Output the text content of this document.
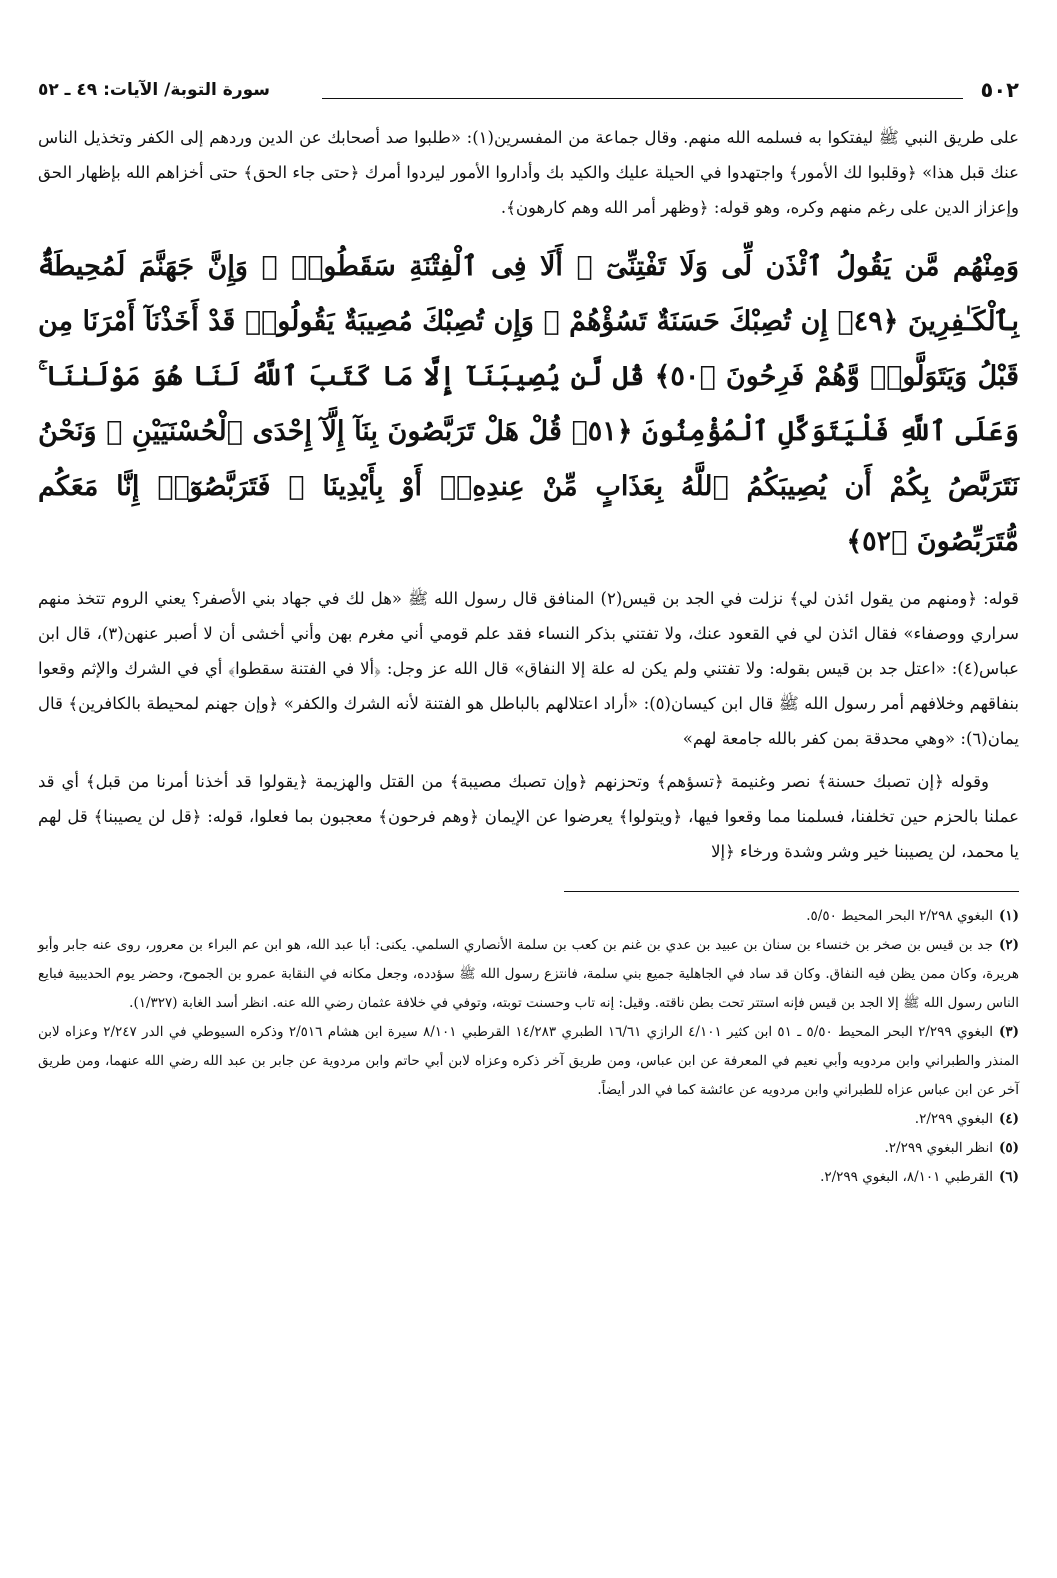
٥٠٢
سورة التوبة/ الآيات: ٤٩ ـ ٥٢

على طريق النبي ﷺ ليفتكوا به فسلمه الله منهم. وقال جماعة من المفسرين(١): «طلبوا صد أصحابك عن الدين وردهم إلى الكفر وتخذيل الناس عنك قبل هذا» ﴿وقلبوا لك الأمور﴾ واجتهدوا في الحيلة عليك والكيد بك وأداروا الأمور ليردوا أمرك ﴿حتى جاء الحق﴾ حتى أخزاهم الله بإظهار الحق وإعزاز الدين على رغم منهم وكره، وهو قوله: ﴿وظهر أمر الله وهم كارهون﴾.

وَمِنْهُم مَّن يَقُولُ ٱئْذَن لِّى وَلَا تَفْتِنِّىٓ ۚ أَلَا فِى ٱلْفِتْنَةِ سَقَطُوا۟ ۗ وَإِنَّ جَهَنَّمَ لَمُحِيطَةٌۢ بِٱلْكَـٰفِرِينَ ﴿٤٩﴾ إِن تُصِبْكَ حَسَنَةٌ تَسُؤْهُمْ ۖ وَإِن تُصِبْكَ مُصِيبَةٌ يَقُولُوا۟ قَدْ أَخَذْنَآ أَمْرَنَا مِن قَبْلُ وَيَتَوَلَّوا۟ وَّهُمْ فَرِحُونَ ﴿٥٠﴾ قُل لَّن يُصِيبَنَآ إِلَّا مَا كَتَبَ ٱللَّهُ لَنَا هُوَ مَوْلَىٰنَا ۚ وَعَلَى ٱللَّهِ فَلْيَتَوَكَّلِ ٱلْمُؤْمِنُونَ ﴿٥١﴾ قُلْ هَلْ تَرَبَّصُونَ بِنَآ إِلَّآ إِحْدَى ٱلْحُسْنَيَيْنِ ۖ وَنَحْنُ نَتَرَبَّصُ بِكُمْ أَن يُصِيبَكُمُ ٱللَّهُ بِعَذَابٍ مِّنْ عِندِهِۦٓ أَوْ بِأَيْدِينَا ۖ فَتَرَبَّصُوٓا۟ إِنَّا مَعَكُم مُّتَرَبِّصُونَ ﴿٥٢﴾

قوله: ﴿ومنهم من يقول ائذن لي﴾ نزلت في الجد بن قيس(٢) المنافق قال رسول الله ﷺ «هل لك في جهاد بني الأصفر؟ يعني الروم تتخذ منهم سراري ووصفاء» فقال ائذن لي في القعود عنك، ولا تفتني بذكر النساء فقد علم قومي أني مغرم بهن وأني أخشى أن لا أصبر عنهن(٣)، قال ابن عباس(٤): «اعتل جد بن قيس بقوله: ولا تفتني ولم يكن له علة إلا النفاق» قال الله عز وجل: ﴿ألا في الفتنة سقطوا﴾ أي في الشرك والإثم وقعوا بنفاقهم وخلافهم أمر رسول الله ﷺ قال ابن كيسان(٥): «أراد اعتلالهم بالباطل هو الفتنة لأنه الشرك والكفر» ﴿وإن جهنم لمحيطة بالكافرين﴾ قال يمان(٦): «وهي محدقة بمن كفر بالله جامعة لهم»

وقوله ﴿إن تصبك حسنة﴾ نصر وغنيمة ﴿تسؤهم﴾ وتحزنهم ﴿وإن تصبك مصيبة﴾ من القتل والهزيمة ﴿يقولوا قد أخذنا أمرنا من قبل﴾ أي قد عملنا بالحزم حين تخلفنا، فسلمنا مما وقعوا فيها، ﴿ويتولوا﴾ يعرضوا عن الإيمان ﴿وهم فرحون﴾ معجبون بما فعلوا، قوله: ﴿قل لن يصيبنا﴾ قل لهم يا محمد، لن يصيبنا خير وشر وشدة ورخاء ﴿إلا

(١)البغوي ٢/٢٩٨ البحر المحيط ٥/٥٠.
(٢)جد بن قيس بن صخر بن خنساء بن سنان بن عبيد بن عدي بن غنم بن كعب بن سلمة الأنصاري السلمي. يكنى: أبا عبد الله، هو ابن عم البراء بن معرور، روى عنه جابر وأبو هريرة، وكان ممن يظن فيه النفاق. وكان قد ساد في الجاهلية جميع بني سلمة، فانتزع رسول الله ﷺ سؤدده، وجعل مكانه في النقابة عمرو بن الجموح، وحضر يوم الحديبية فبايع الناس رسول الله ﷺ إلا الجد بن قيس فإنه استتر تحت بطن ناقته. وقيل: إنه تاب وحسنت توبته، وتوفي في خلافة عثمان رضي الله عنه. انظر أسد الغابة (١/٣٢٧).
(٣)البغوي ٢/٢٩٩ البحر المحيط ٥/٥٠ ـ ٥١ ابن كثير ٤/١٠١ الرازي ١٦/٦١ الطبري ١٤/٢٨٣ القرطبي ٨/١٠١ سيرة ابن هشام ٢/٥١٦ وذكره السيوطي في الدر ٢/٢٤٧ وعزاه لابن المنذر والطبراني وابن مردويه وأبي نعيم في المعرفة عن ابن عباس، ومن طريق آخر ذكره وعزاه لابن أبي حاتم وابن مردوية عن جابر بن عبد الله رضي الله عنهما، ومن طريق آخر عن ابن عباس عزاه للطبراني وابن مردويه عن عائشة كما في الدر أيضاً.
(٤)البغوي ٢/٢٩٩.
(٥)انظر البغوي ٢/٢٩٩.
(٦)القرطبي ٨/١٠١، البغوي ٢/٢٩٩.
